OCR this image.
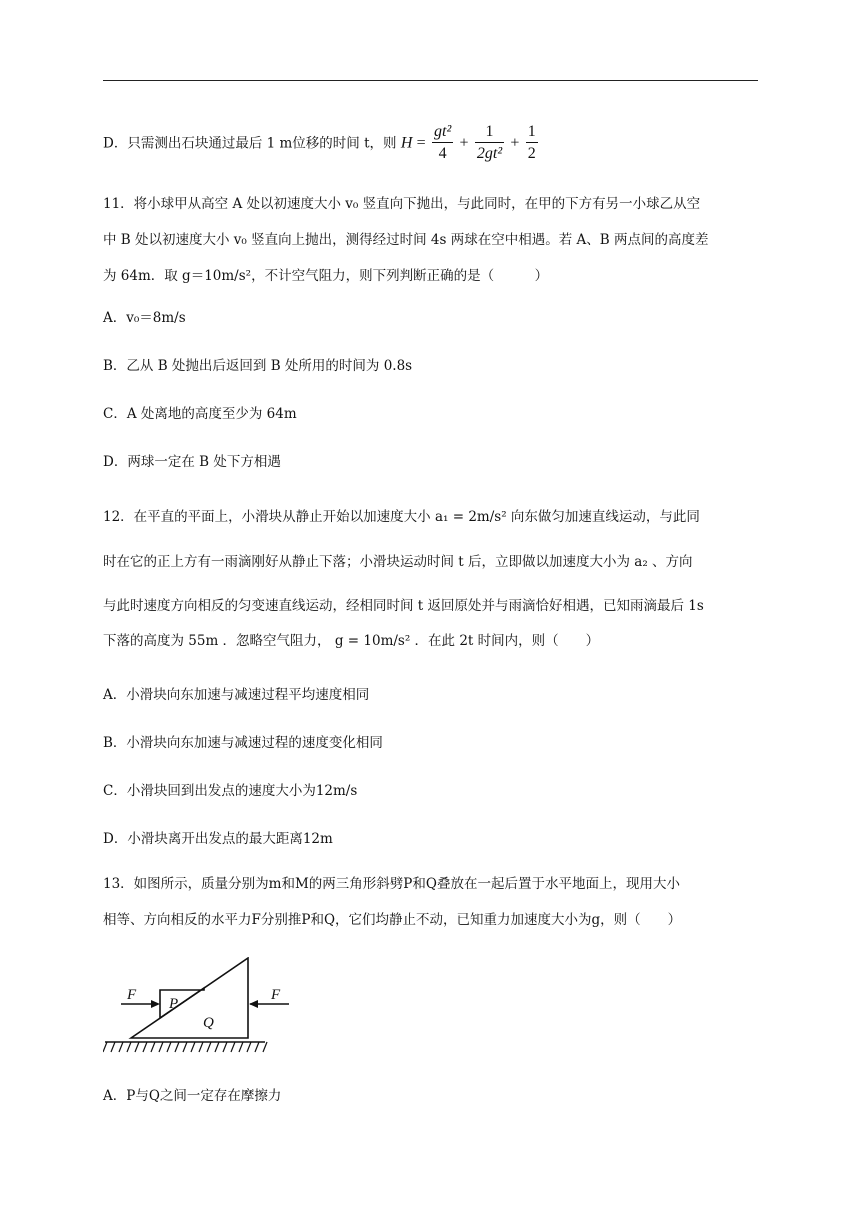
D．只需测出石块通过最后 1 m位移的时间 t，则 $H = \frac{\text{gt²}}{4} + \frac{1}{\text{2gt²}} + \frac{1}{2}$
11．将小球甲从高空 A 处以初速度大小 v₀ 竖直向下抛出，与此同时，在甲的下方有另一小球乙从空
中 B 处以初速度大小 v₀ 竖直向上抛出，测得经过时间 4s 两球在空中相遇。若 A、B 两点间的高度差
为 64m．取 g＝10m/s²，不计空气阻力，则下列判断正确的是（　　　）
A．v₀＝8m/s
B．乙从 B 处抛出后返回到 B 处所用的时间为 0.8s
C．A 处离地的高度至少为 64m
D．两球一定在 B 处下方相遇
12．在平直的平面上，小滑块从静止开始以加速度大小 a₁ = 2m/s² 向东做匀加速直线运动，与此同
时在它的正上方有一雨滴刚好从静止下落；小滑块运动时间 t 后，立即做以加速度大小为 a₂ 、方向
与此时速度方向相反的匀变速直线运动，经相同时间 t 返回原处并与雨滴恰好相遇，已知雨滴最后 1s
下落的高度为 55m ．忽略空气阻力， g = 10m/s² ．在此 2t 时间内，则（　　）
A．小滑块向东加速与减速过程平均速度相同
B．小滑块向东加速与减速过程的速度变化相同
C．小滑块回到出发点的速度大小为12m/s
D．小滑块离开出发点的最大距离12m
13．如图所示，质量分别为m和M的两三角形斜劈P和Q叠放在一起后置于水平地面上，现用大小
相等、方向相反的水平力F分别推P和Q，它们均静止不动，已知重力加速度大小为g，则（　　）
F	F
P
Q
A．P与Q之间一定存在摩擦力
